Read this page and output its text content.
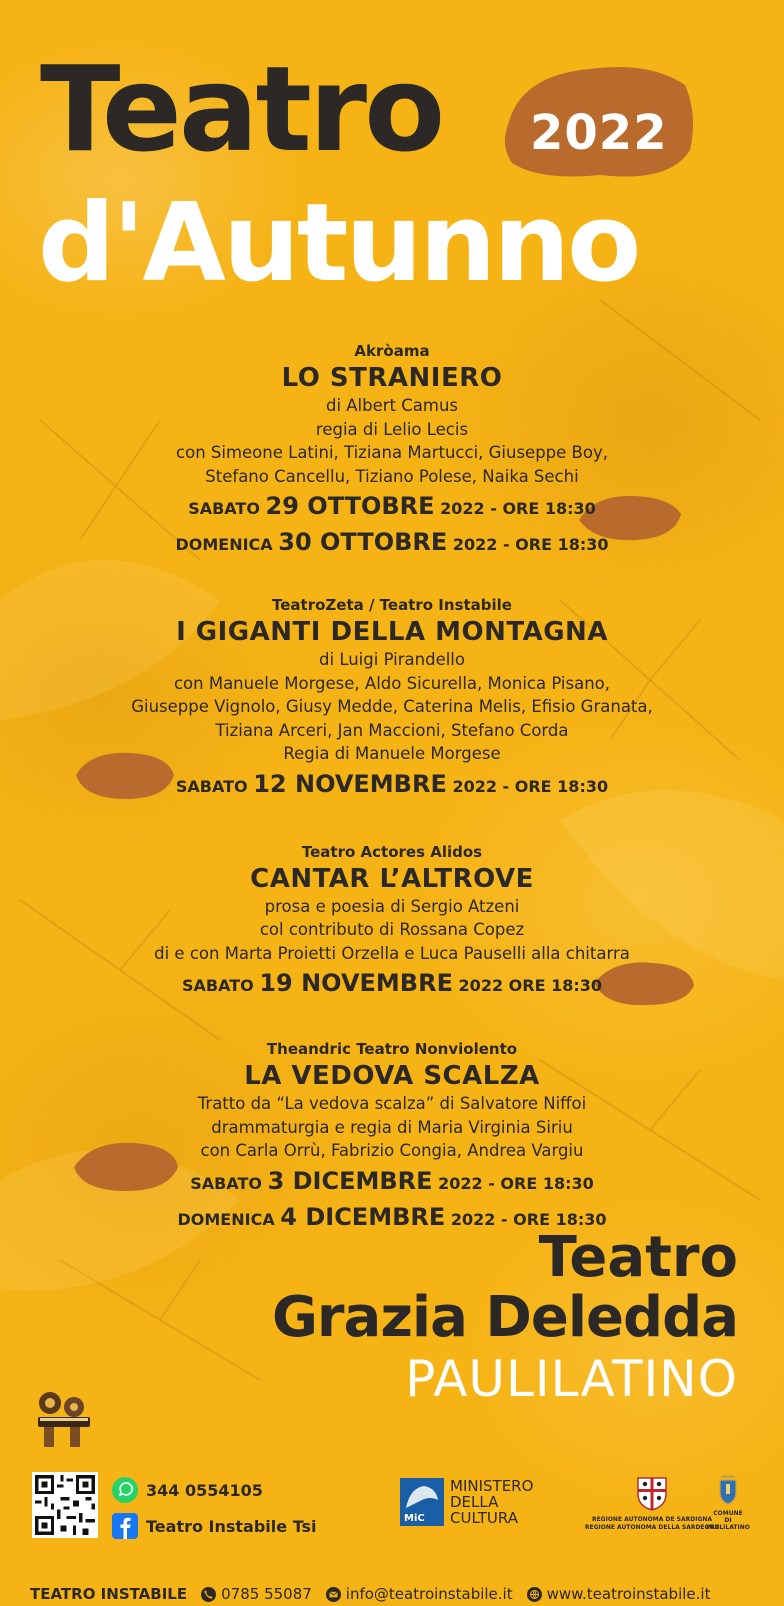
Teatro 2022
d'Autunno
Akròama
LO STRANIERO
di Albert Camus
regia di Lelio Lecis
con Simeone Latini, Tiziana Martucci, Giuseppe Boy,
Stefano Cancellu, Tiziano Polese, Naika Sechi
SABATO 29 OTTOBRE 2022 - ORE 18:30
DOMENICA 30 OTTOBRE 2022 - ORE 18:30
TeatroZeta / Teatro Instabile
I GIGANTI DELLA MONTAGNA
di Luigi Pirandello
con Manuele Morgese, Aldo Sicurella, Monica Pisano,
Giuseppe Vignolo, Giusy Medde, Caterina Melis, Efisio Granata,
Tiziana Arceri, Jan Maccioni, Stefano Corda
Regia di Manuele Morgese
SABATO 12 NOVEMBRE 2022 - ORE 18:30
Teatro Actores Alidos
CANTAR L’ALTROVE
prosa e poesia di Sergio Atzeni
col contributo di Rossana Copez
di e con Marta Proietti Orzella e Luca Pauselli alla chitarra
SABATO 19 NOVEMBRE 2022 ORE 18:30
Theandric Teatro Nonviolento
LA VEDOVA SCALZA
Tratto da “La vedova scalza” di Salvatore Niffoi
drammaturgia e regia di Maria Virginia Siriu
con Carla Orrù, Fabrizio Congia, Andrea Vargiu
SABATO 3 DICEMBRE 2022 - ORE 18:30
DOMENICA 4 DICEMBRE 2022 - ORE 18:30
Teatro
Grazia Deledda
PAULILATINO
344 0554105
Teatro Instabile Tsi	MiC
MINISTERO
DELLA
CULTURA	REGIONE AUTONOMA DE SARDIGNA
REGIONE AUTONOMA DELLA SARDEGNA
COMUNE
DI PAULILATINO
TEATRO INSTABILE 0785 55087 info@teatroinstabile.it www.teatroinstabile.it
